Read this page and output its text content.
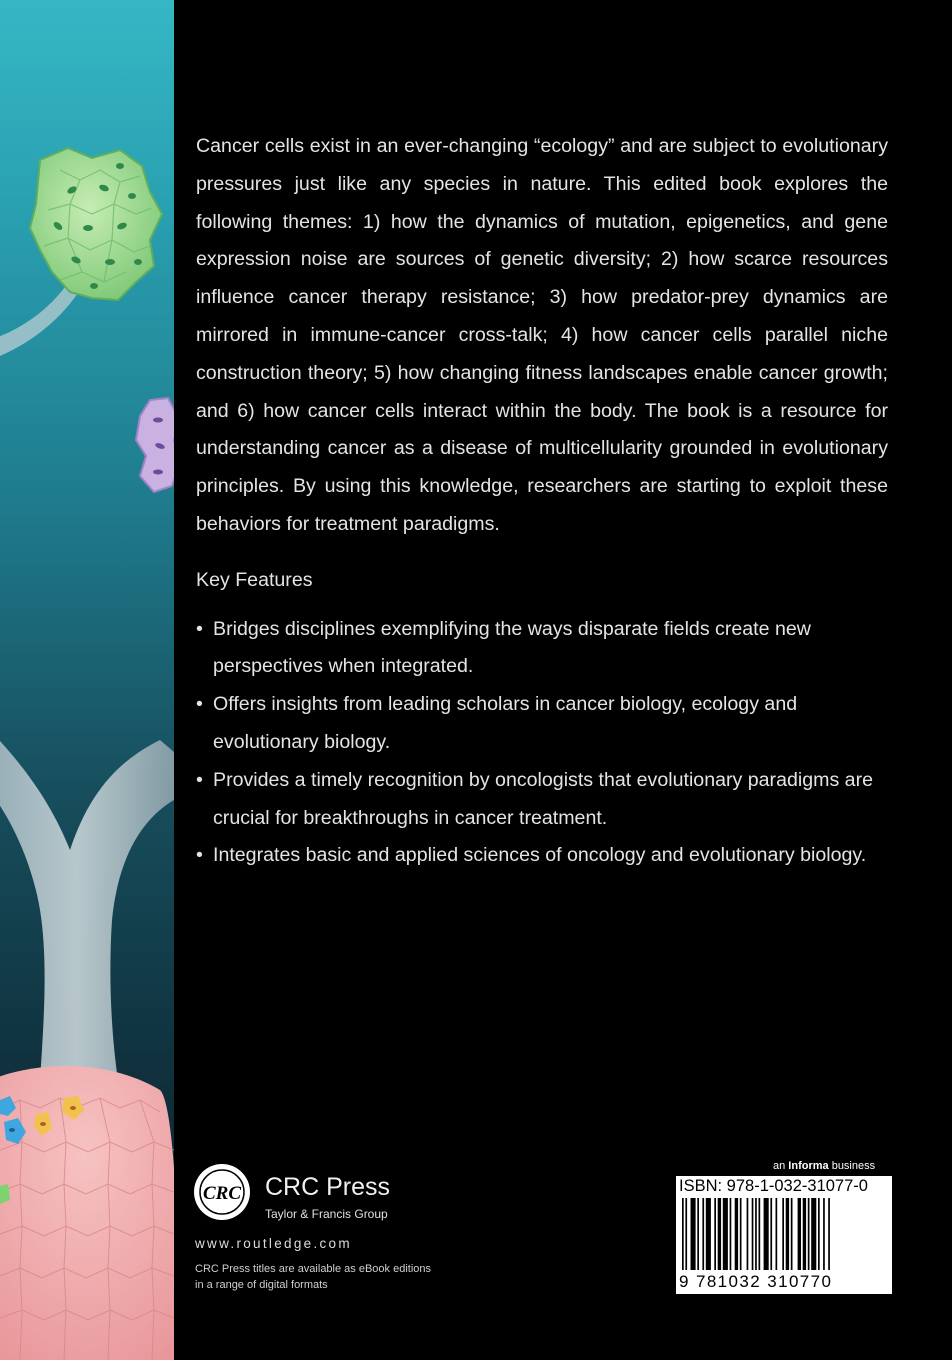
Cancer cells exist in an ever-changing “ecology” and are subject to evolutionary pressures just like any species in nature. This edited book explores the following themes: 1) how the dynamics of mutation, epigenetics, and gene expression noise are sources of genetic diversity; 2) how scarce resources influence cancer therapy resistance; 3) how predator-prey dynamics are mirrored in immune-cancer cross-talk; 4) how cancer cells parallel niche construction theory; 5) how changing fitness landscapes enable cancer growth; and 6) how cancer cells interact within the body. The book is a resource for understanding cancer as a disease of multicellularity grounded in evolutionary principles. By using this knowledge, researchers are starting to exploit these behaviors for treatment paradigms.

Key Features
• Bridges disciplines exemplifying the ways disparate fields create new perspectives when integrated.
• Offers insights from leading scholars in cancer biology, ecology and evolutionary biology.
• Provides a timely recognition by oncologists that evolutionary paradigms are crucial for breakthroughs in cancer treatment.
• Integrates basic and applied sciences of oncology and evolutionary biology.
CRC CRC Press
Taylor & Francis Group
www.routledge.com
CRC Press titles are available as eBook editions
in a range of digital formats
an Informa business
ISBN: 978-1-032-31077-0
9 781032 310770
